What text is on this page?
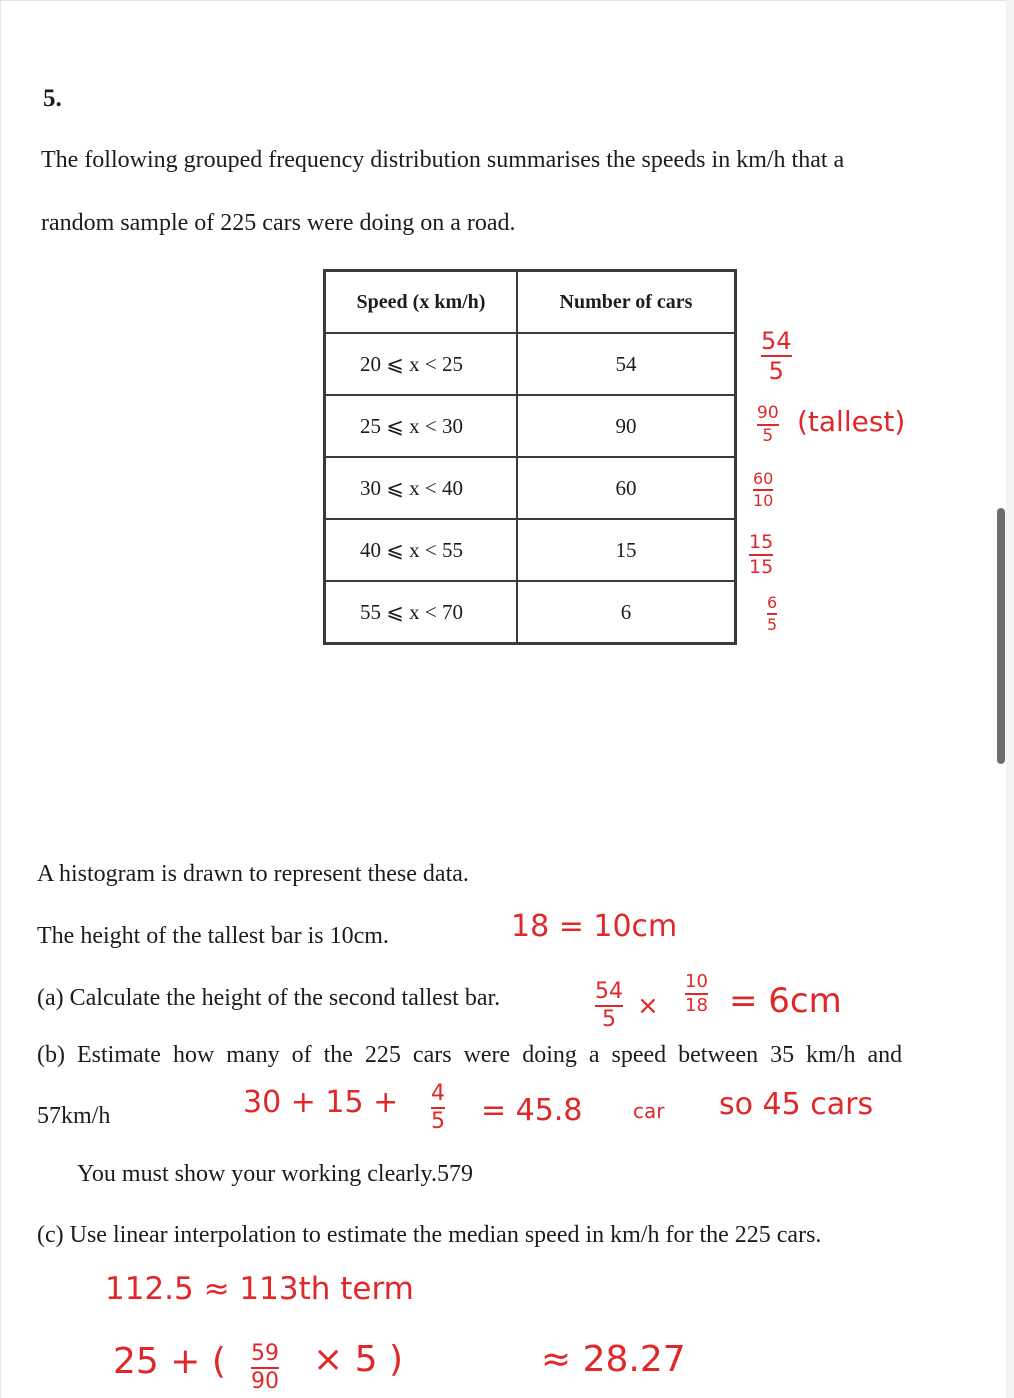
5.
The following grouped frequency distribution summarises the speeds in km/h that a
random sample of 225 cars were doing on a road.
Speed (x km/h)	Number of cars
20 ⩽ x < 25	54
25 ⩽ x < 30	90
30 ⩽ x < 40	60
40 ⩽ x < 55	15
55 ⩽ x < 70	6
54
5
90
5 (tallest)
60
10
15
15
6
5
A histogram is drawn to represent these data.
The height of the tallest bar is 10cm.	18 = 10cm
(a) Calculate the height of the second tallest bar.	54
5 ×
10
18 = 6cm
(b) Estimate how many of the 225 cars were doing a speed between 35 km/h and
57km/h	30 + 15 + 4
5 = 45.8	car so 45 cars
You must show your working clearly.579
(c) Use linear interpolation to estimate the median speed in km/h for the 225 cars.
112.5 ≈ 113th term
25 + ( 59
90
× 5 )	≈ 28.27
